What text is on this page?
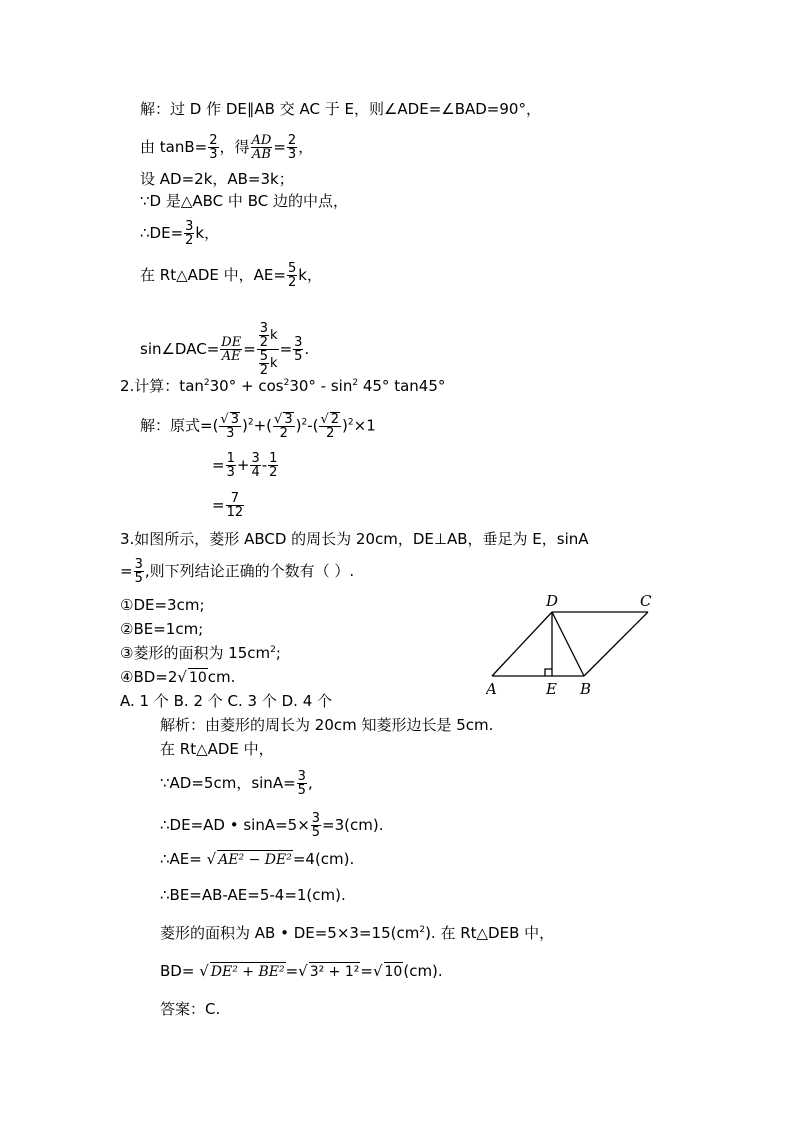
解：过 D 作 DE∥AB 交 AC 于 E，则∠ADE=∠BAD=90°，
由 $\tan B= \frac{2}{3}$ ，得 $\frac{AD}{AB} = \frac{2}{3}$ ，
设 AD=2k，AB=3k；
∵D 是△ABC 中 BC 边的中点，
∴DE= $\frac{3}{2}$ k，
在 Rt△ADE 中，$AE= \frac{5}{2}$ k，
sin∠DAC= $\frac{DE}{AE} = \frac{\frac{3}{2} k}{\frac{5}{2} k} = \frac{3}{5}$ .
2.计算：$\tan^230^\circ + \cos^230^\circ - \sin^2 45^\circ$ tan45°
解：原式=( $\frac{√ 3}{3} )^2+( \frac{√ 3}{2} )^2-( \frac{√ 2}{2} )^2\times 1$
= $\frac{1}{3} + \frac{3}{4} - \frac{1}{2}$
= $\frac{7}{12}$
3.如图所示，菱形 ABCD 的周长为 20cm，DE⊥AB，垂足为 E，sinA
= $\frac{3}{5}$ ,则下列结论正确的个数有（ ）.
①DE=3cm;
②BE=1cm;
③菱形的面积为 $15cm^2$;
④BD=2√ 10cm.
A. 1 个 B. 2 个 C. 3 个 D. 4 个
A	B
C
D
E
解析：由菱形的周长为 20cm 知菱形边长是 5cm.
在 Rt△ADE 中，
∵AD=5cm，$\sin A= \frac{3}{5}$ ,
∴DE=AD • $\sin A=5\times \frac{3}{5} =3(cm)$.
∴AE= √ AE² − DE²=4(cm).
∴BE=AB-AE=5-4=1(cm).
菱形的面积为 AB • $DE=5\times 3=15(cm^2)$. 在 Rt△DEB 中，
BD= √ DE² + BE²=√ 3² + 1²=√ 10(cm).
答案：C.
